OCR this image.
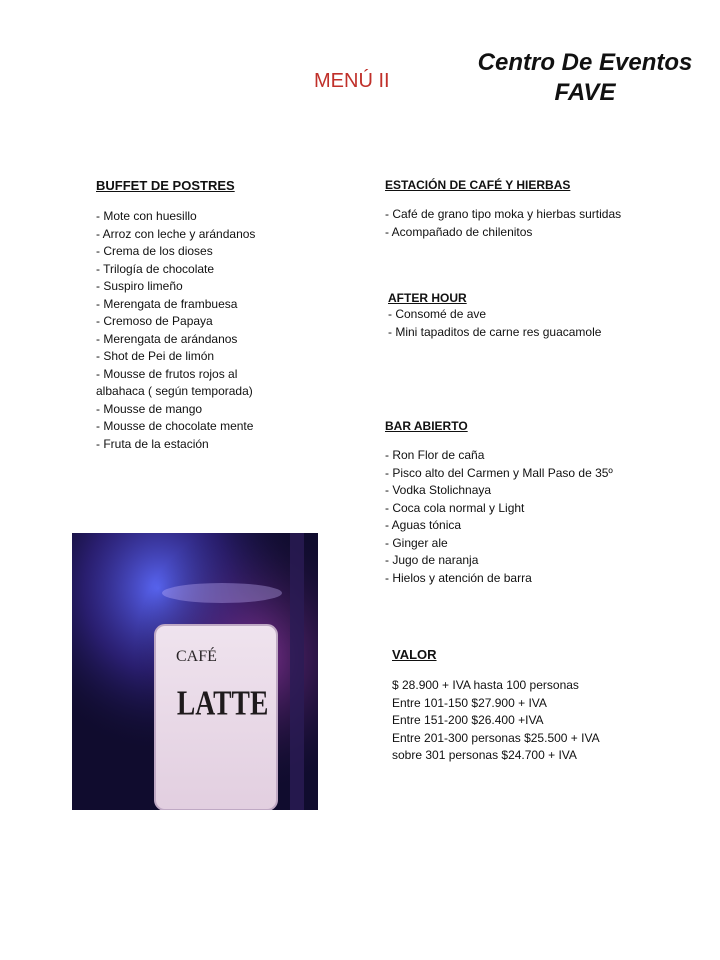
MENÚ II
Centro De Eventos
FAVE
BUFFET DE POSTRES
- Mote con huesillo
- Arroz con leche y arándanos
- Crema de los dioses
- Trilogía de chocolate
- Suspiro limeño
- Merengata de frambuesa
- Cremoso de Papaya
- Merengata de arándanos
- Shot de Pei de limón
- Mousse de frutos rojos al albahaca ( según temporada)
- Mousse de mango
- Mousse de chocolate mente
- Fruta de la estación
ESTACIÓN DE CAFÉ Y HIERBAS
- Café de grano tipo moka y hierbas surtidas
- Acompañado de chilenitos
AFTER HOUR
- Consomé de ave
- Mini tapaditos de carne res guacamole
BAR ABIERTO
- Ron Flor de caña
- Pisco alto del Carmen y Mall Paso de 35º
- Vodka Stolichnaya
- Coca cola normal y Light
- Aguas tónica
- Ginger ale
- Jugo de naranja
- Hielos y atención de barra
VALOR
$ 28.900 + IVA hasta 100 personas
Entre 101-150 $27.900 + IVA
Entre 151-200 $26.400 +IVA
Entre 201-300 personas $25.500 + IVA
sobre 301 personas $24.700 + IVA
CAFÉ
LATTE
